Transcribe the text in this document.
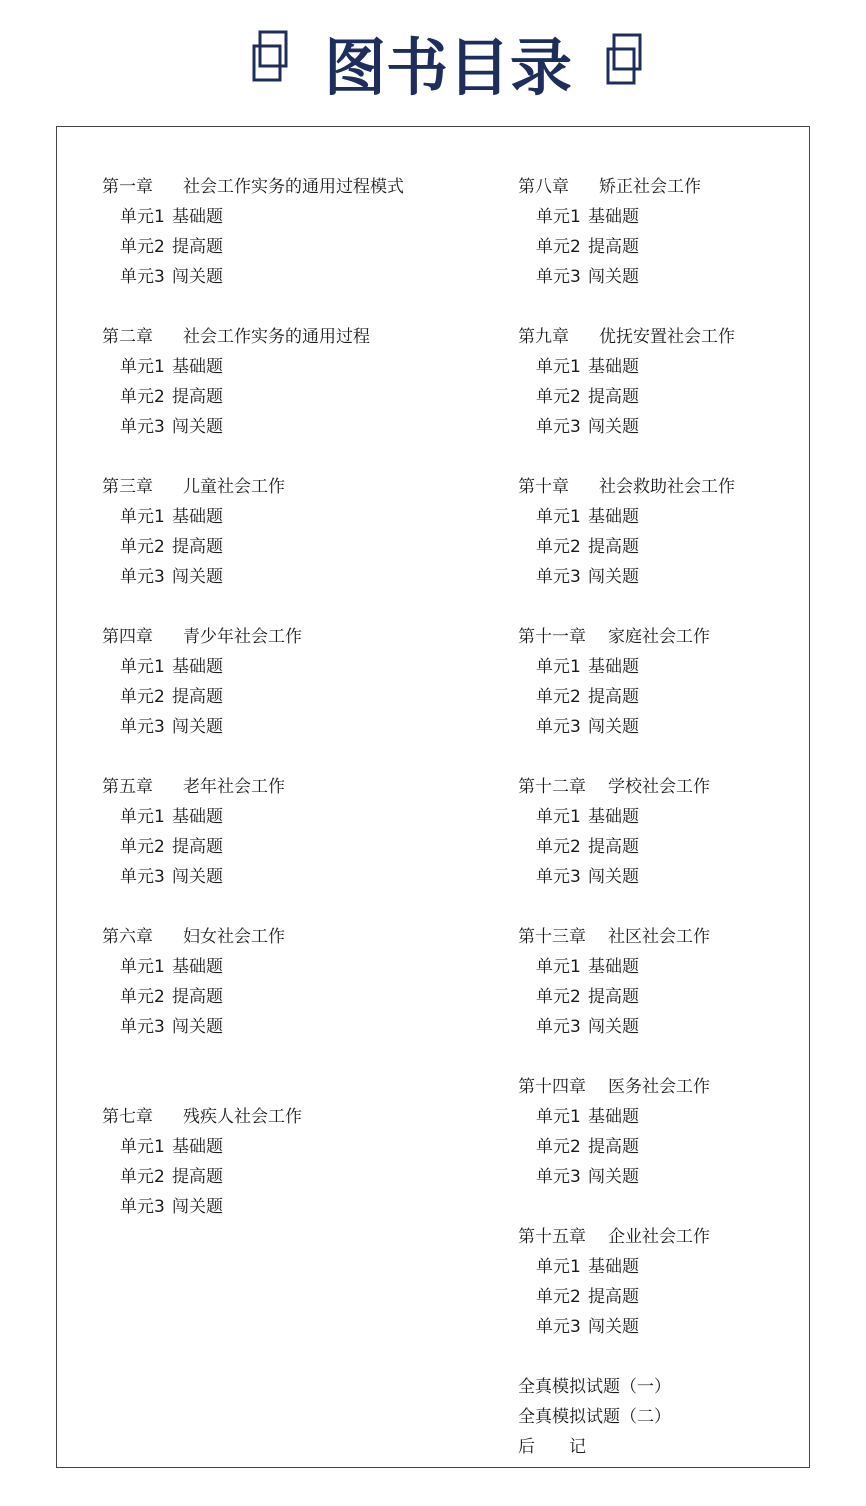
图书目录
第一章 社会工作实务的通用过程模式
单元1 基础题
单元2 提高题
单元3 闯关题
第二章 社会工作实务的通用过程
单元1 基础题
单元2 提高题
单元3 闯关题
第三章 儿童社会工作
单元1 基础题
单元2 提高题
单元3 闯关题
第四章 青少年社会工作
单元1 基础题
单元2 提高题
单元3 闯关题
第五章 老年社会工作
单元1 基础题
单元2 提高题
单元3 闯关题
第六章 妇女社会工作
单元1 基础题
单元2 提高题
单元3 闯关题
第七章 残疾人社会工作
单元1 基础题
单元2 提高题
单元3 闯关题
第八章 矫正社会工作
单元1 基础题
单元2 提高题
单元3 闯关题
第九章 优抚安置社会工作
单元1 基础题
单元2 提高题
单元3 闯关题
第十章 社会救助社会工作
单元1 基础题
单元2 提高题
单元3 闯关题
第十一章 家庭社会工作
单元1 基础题
单元2 提高题
单元3 闯关题
第十二章 学校社会工作
单元1 基础题
单元2 提高题
单元3 闯关题
第十三章 社区社会工作
单元1 基础题
单元2 提高题
单元3 闯关题
第十四章 医务社会工作
单元1 基础题
单元2 提高题
单元3 闯关题
第十五章 企业社会工作
单元1 基础题
单元2 提高题
单元3 闯关题
全真模拟试题（一）
全真模拟试题（二）
后　　记
